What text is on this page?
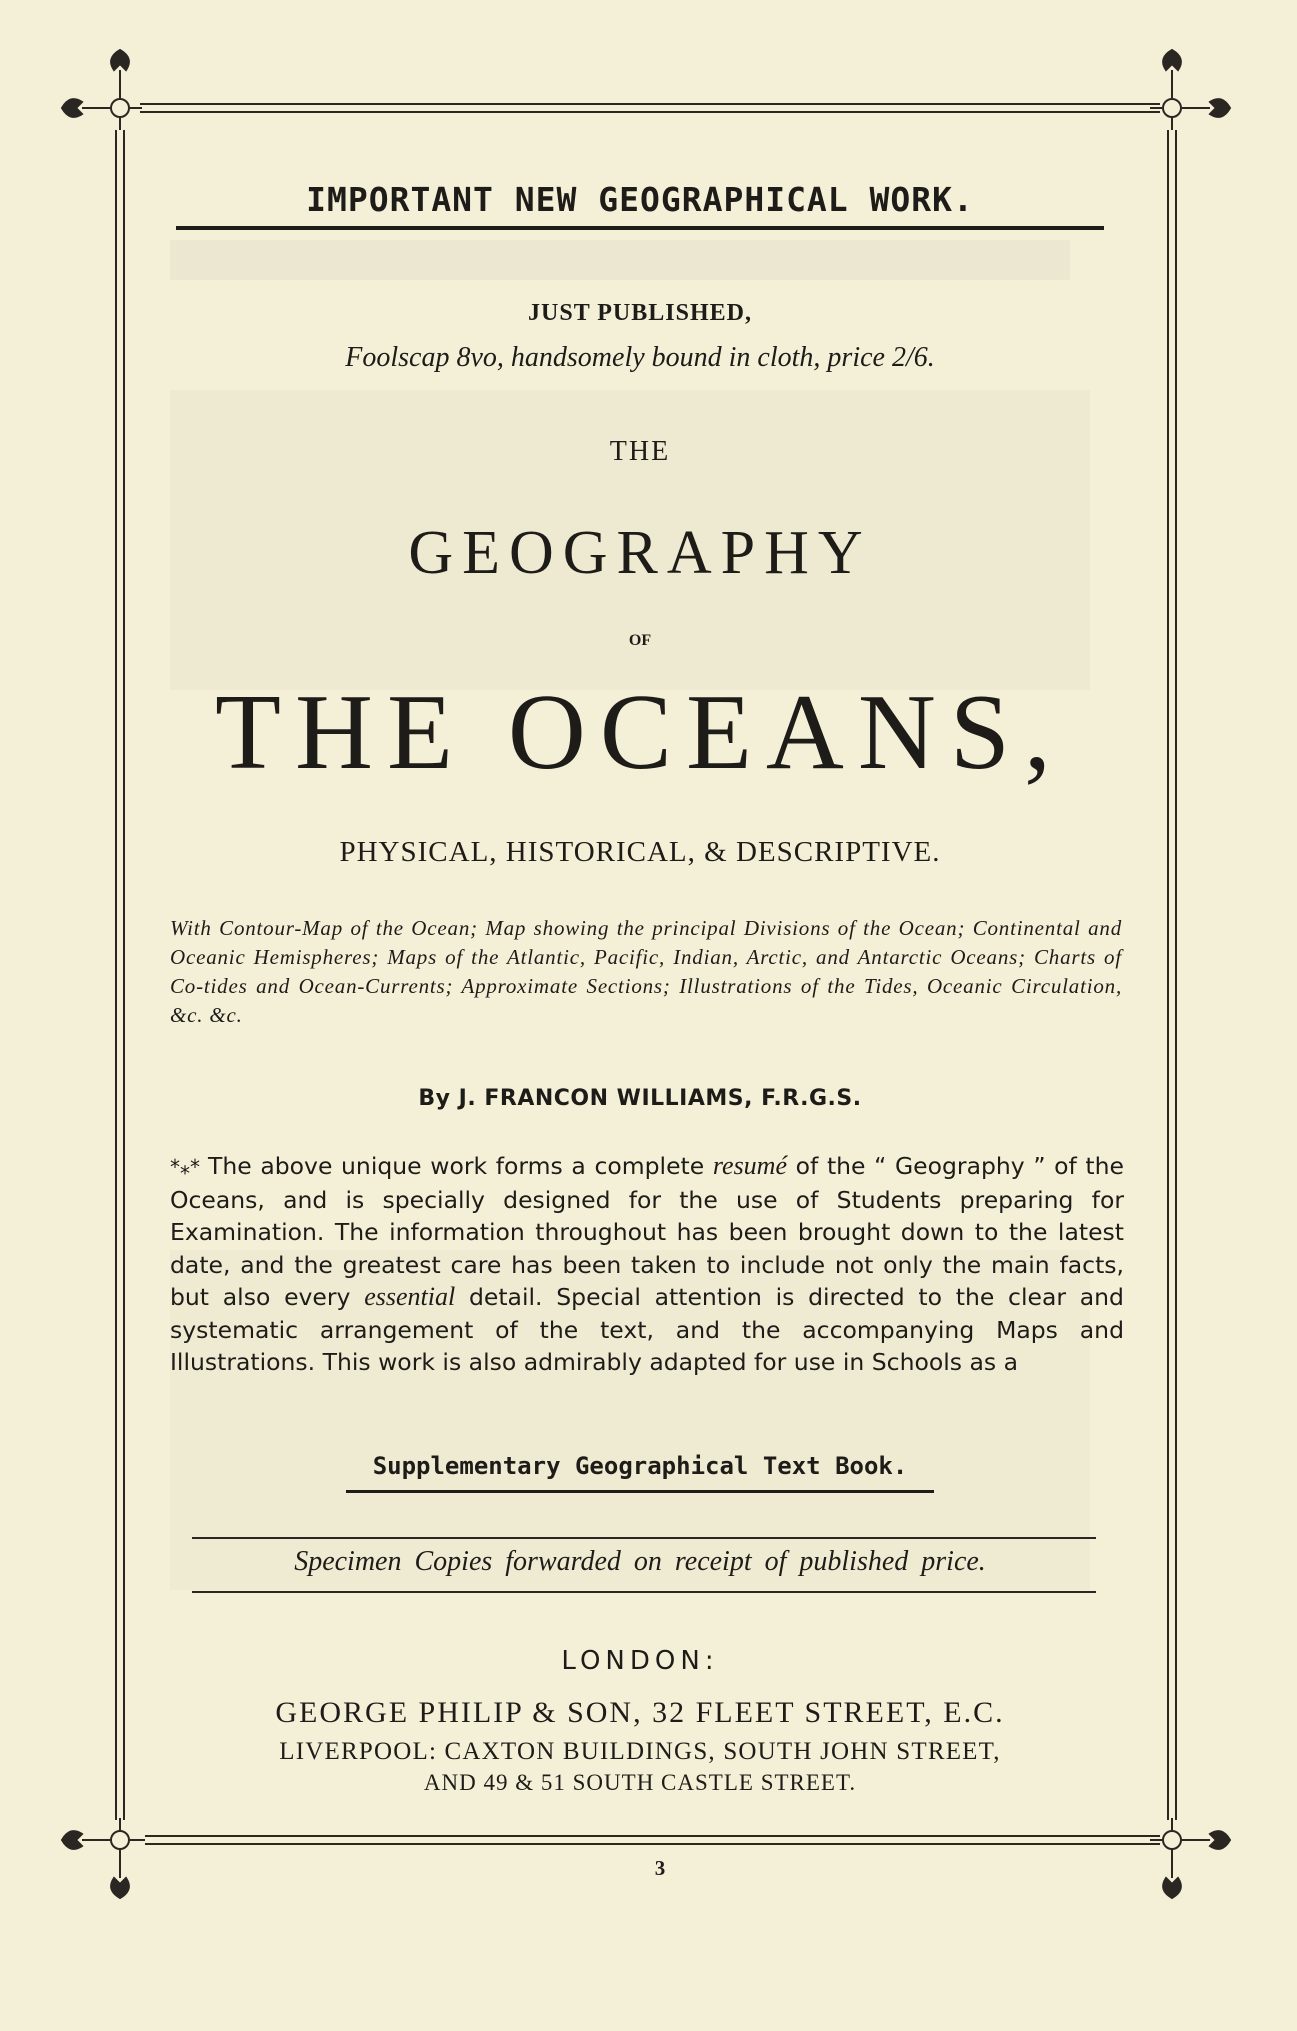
IMPORTANT NEW GEOGRAPHICAL WORK.
JUST PUBLISHED,
Foolscap 8vo, handsomely bound in cloth, price 2/6.
THE
GEOGRAPHY
OF
THE OCEANS,
PHYSICAL, HISTORICAL, & DESCRIPTIVE.
With Contour-Map of the Ocean; Map showing the principal Divisions of the Ocean; Continental and Oceanic Hemispheres; Maps of the Atlantic, Pacific, Indian, Arctic, and Antarctic Oceans; Charts of Co-tides and Ocean-Currents; Approximate Sections; Illustrations of the Tides, Oceanic Circulation, &c. &c.
By J. FRANCON WILLIAMS, F.R.G.S.
*⁎* The above unique work forms a complete resumé of the “ Geography ” of the Oceans, and is specially designed for the use of Students preparing for Examination. The information throughout has been brought down to the latest date, and the greatest care has been taken to include not only the main facts, but also every essential detail. Special attention is directed to the clear and systematic arrangement of the text, and the accompanying Maps and Illustrations. This work is also admirably adapted for use in Schools as a
Supplementary Geographical Text Book.
Specimen Copies forwarded on receipt of published price.
LONDON:
GEORGE PHILIP & SON, 32 FLEET STREET, E.C.
LIVERPOOL: CAXTON BUILDINGS, SOUTH JOHN STREET,
AND 49 & 51 SOUTH CASTLE STREET.
3
